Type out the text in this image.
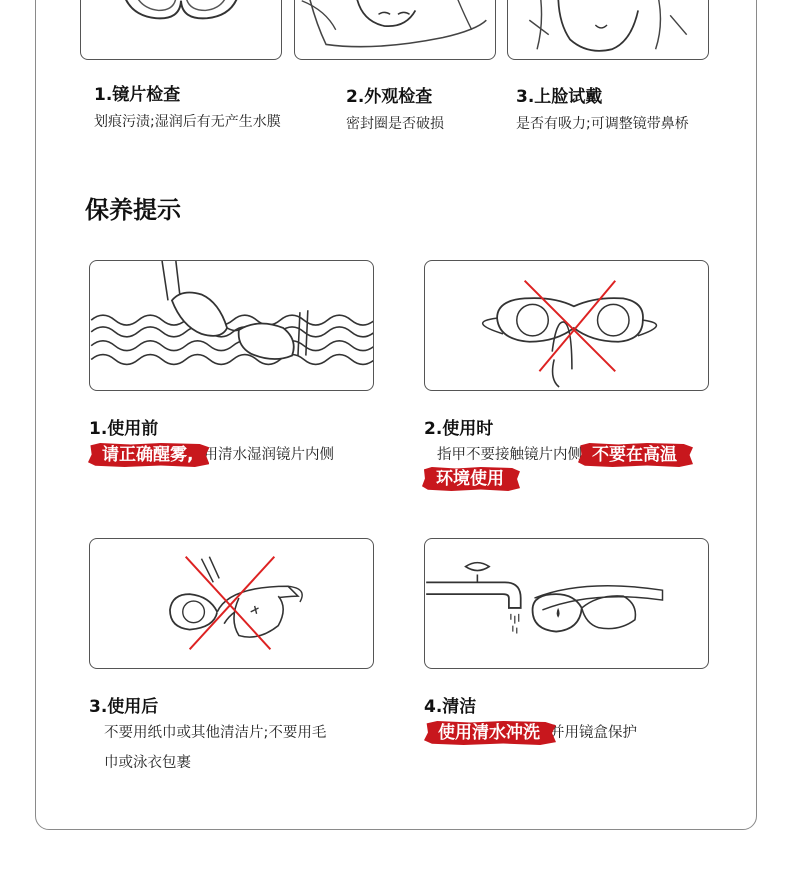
1.镜片检查
划痕污渍;湿润后有无产生水膜
2.外观检查
密封圈是否破损
3.上脸试戴
是否有吸力;可调整镜带鼻桥
保养提示
1.使用前
请正确醒雾, 用清水湿润镜片内侧
2.使用时
指甲不要接触镜片内侧 不要在高温
环境使用
3.使用后
不要用纸巾或其他清洁片;不要用毛
巾或泳衣包裹
4.清洁
使用清水冲洗 并用镜盒保护
